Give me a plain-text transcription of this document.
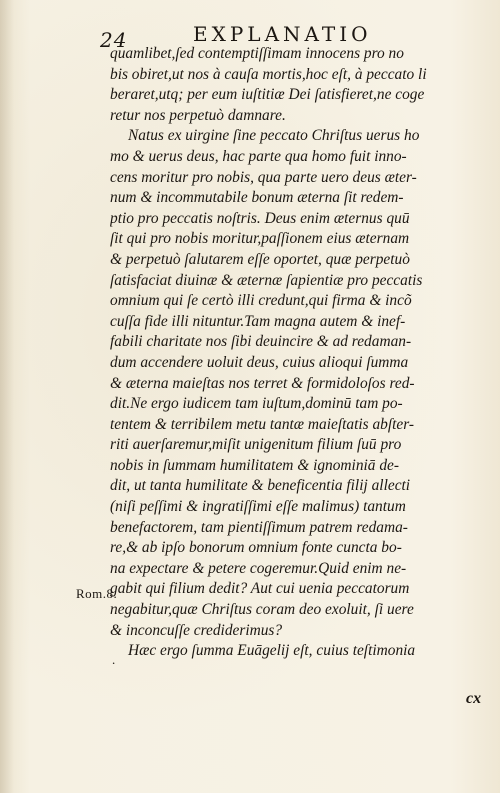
24	EXPLANATIO
quamlibet,ſed contemptiſſimam innocens pro no
bis obiret,ut nos à cauſa mortis,hoc eſt, à peccato li
beraret,utq; per eum iuſtitiæ Dei ſatisfieret,ne coge
retur nos perpetuò damnare.
Natus ex uirgine ſine peccato Chriſtus uerus ho
mo & uerus deus, hac parte qua homo fuit inno-
cens moritur pro nobis, qua parte uero deus æter-
num & incommutabile bonum æterna ſit redem-
ptio pro peccatis noſtris. Deus enim æternus quū
ſit qui pro nobis moritur,paſſionem eius æternam
& perpetuò ſalutarem eſſe oportet, quæ perpetuò
ſatisfaciat diuinæ & æternæ ſapientiæ pro peccatis
omnium qui ſe certò illi credunt,qui firma & incõ
cuſſa fide illi nituntur.Tam magna autem & inef-
fabili charitate nos ſibi deuincire & ad redaman-
dum accendere uoluit deus, cuius alioqui ſumma
& æterna maieſtas nos terret & formidoloſos red-
dit.Ne ergo iudicem tam iuſtum,dominū tam po-
tentem & terribilem metu tantæ maieſtatis abſter-
riti auerſaremur,miſit unigenitum filium ſuū pro
nobis in ſummam humilitatem & ignominiā de-
dit, ut tanta humilitate & beneficentia filij allecti
(niſi peſſimi & ingratiſſimi eſſe malimus) tantum
benefactorem, tam pientiſſimum patrem redama-
re,& ab ipſo bonorum omnium fonte cuncta bo-
na expectare & petere cogeremur.Quid enim ne-
gabit qui filium dedit? Aut cui uenia peccatorum
negabitur,quæ Chriſtus coram deo exoluit, ſi uere
& inconcuſſe crediderimus?
Hæc ergo ſumma Euāgelij eſt, cuius teſtimonia
Rom.8.
.
cx
